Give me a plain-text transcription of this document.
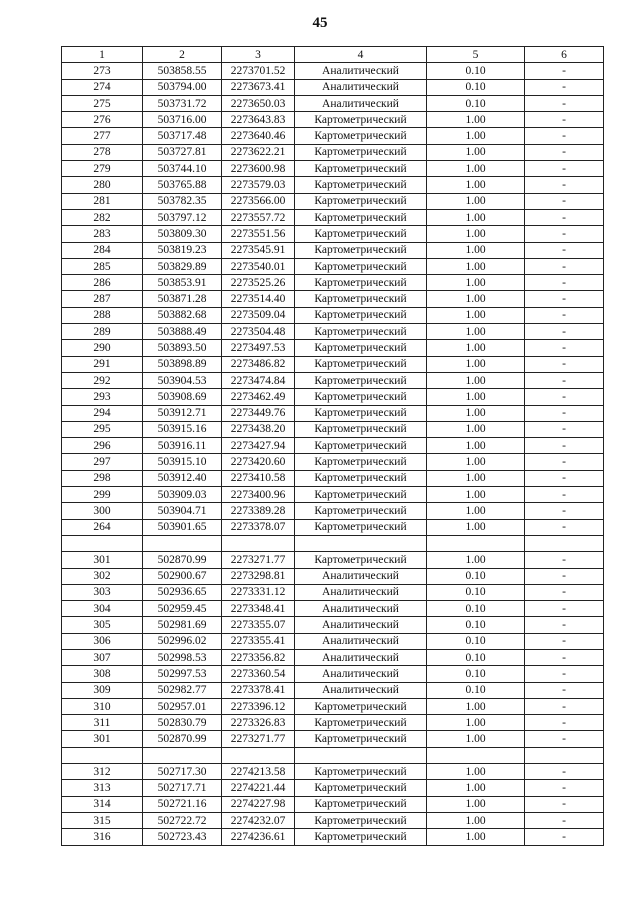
45
1	2	3	4	5	6
273	503858.55	2273701.52	Аналитический	0.10	-
274	503794.00	2273673.41	Аналитический	0.10	-
275	503731.72	2273650.03	Аналитический	0.10	-
276	503716.00	2273643.83	Картометрический	1.00	-
277	503717.48	2273640.46	Картометрический	1.00	-
278	503727.81	2273622.21	Картометрический	1.00	-
279	503744.10	2273600.98	Картометрический	1.00	-
280	503765.88	2273579.03	Картометрический	1.00	-
281	503782.35	2273566.00	Картометрический	1.00	-
282	503797.12	2273557.72	Картометрический	1.00	-
283	503809.30	2273551.56	Картометрический	1.00	-
284	503819.23	2273545.91	Картометрический	1.00	-
285	503829.89	2273540.01	Картометрический	1.00	-
286	503853.91	2273525.26	Картометрический	1.00	-
287	503871.28	2273514.40	Картометрический	1.00	-
288	503882.68	2273509.04	Картометрический	1.00	-
289	503888.49	2273504.48	Картометрический	1.00	-
290	503893.50	2273497.53	Картометрический	1.00	-
291	503898.89	2273486.82	Картометрический	1.00	-
292	503904.53	2273474.84	Картометрический	1.00	-
293	503908.69	2273462.49	Картометрический	1.00	-
294	503912.71	2273449.76	Картометрический	1.00	-
295	503915.16	2273438.20	Картометрический	1.00	-
296	503916.11	2273427.94	Картометрический	1.00	-
297	503915.10	2273420.60	Картометрический	1.00	-
298	503912.40	2273410.58	Картометрический	1.00	-
299	503909.03	2273400.96	Картометрический	1.00	-
300	503904.71	2273389.28	Картометрический	1.00	-
264	503901.65	2273378.07	Картометрический	1.00	-

301	502870.99	2273271.77	Картометрический	1.00	-
302	502900.67	2273298.81	Аналитический	0.10	-
303	502936.65	2273331.12	Аналитический	0.10	-
304	502959.45	2273348.41	Аналитический	0.10	-
305	502981.69	2273355.07	Аналитический	0.10	-
306	502996.02	2273355.41	Аналитический	0.10	-
307	502998.53	2273356.82	Аналитический	0.10	-
308	502997.53	2273360.54	Аналитический	0.10	-
309	502982.77	2273378.41	Аналитический	0.10	-
310	502957.01	2273396.12	Картометрический	1.00	-
311	502830.79	2273326.83	Картометрический	1.00	-
301	502870.99	2273271.77	Картометрический	1.00	-

312	502717.30	2274213.58	Картометрический	1.00	-
313	502717.71	2274221.44	Картометрический	1.00	-
314	502721.16	2274227.98	Картометрический	1.00	-
315	502722.72	2274232.07	Картометрический	1.00	-
316	502723.43	2274236.61	Картометрический	1.00	-
